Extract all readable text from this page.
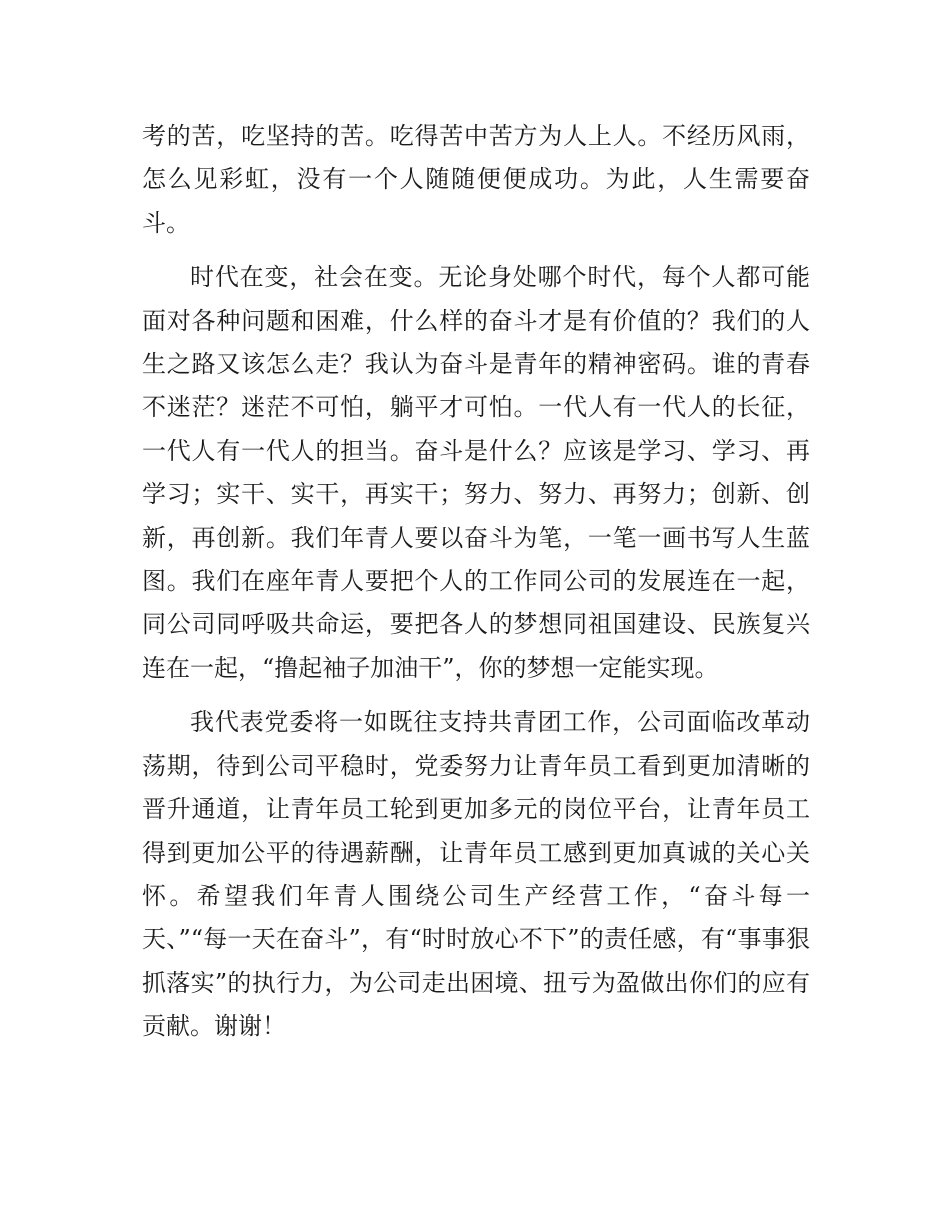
考的苦，吃坚持的苦。吃得苦中苦方为人上人。不经历风雨，怎么见彩虹，没有一个人随随便便成功。为此，人生需要奋斗。

时代在变，社会在变。无论身处哪个时代，每个人都可能面对各种问题和困难，什么样的奋斗才是有价值的？我们的人生之路又该怎么走？我认为奋斗是青年的精神密码。谁的青春不迷茫？迷茫不可怕，躺平才可怕。一代人有一代人的长征，一代人有一代人的担当。奋斗是什么？应该是学习、学习、再学习；实干、实干，再实干；努力、努力、再努力；创新、创新，再创新。我们年青人要以奋斗为笔，一笔一画书写人生蓝图。我们在座年青人要把个人的工作同公司的发展连在一起，同公司同呼吸共命运，要把各人的梦想同祖国建设、民族复兴连在一起，“撸起袖子加油干”，你的梦想一定能实现。

我代表党委将一如既往支持共青团工作，公司面临改革动荡期，待到公司平稳时，党委努力让青年员工看到更加清晰的晋升通道，让青年员工轮到更加多元的岗位平台，让青年员工得到更加公平的待遇薪酬，让青年员工感到更加真诚的关心关怀。希望我们年青人围绕公司生产经营工作，“奋斗每一天、”“每一天在奋斗”，有“时时放心不下”的责任感，有“事事狠抓落实”的执行力，为公司走出困境、扭亏为盈做出你们的应有贡献。谢谢！
